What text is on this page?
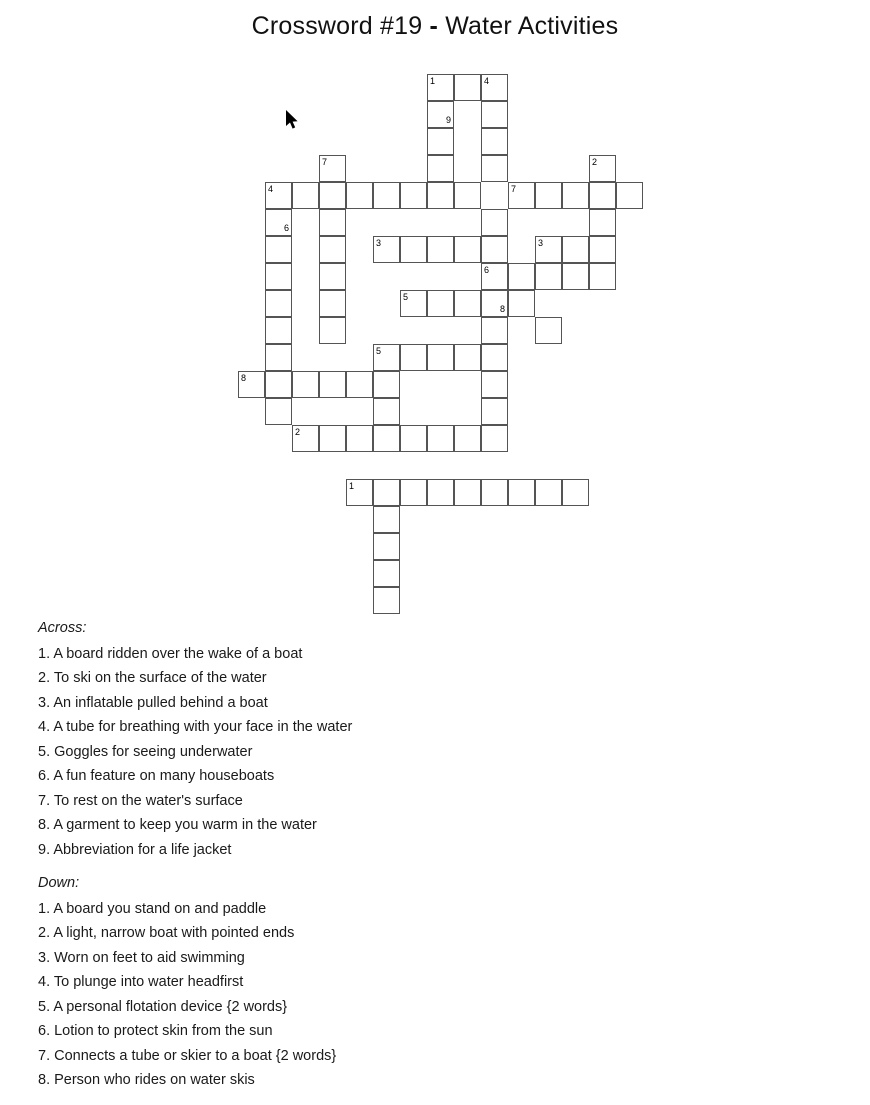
Crossword #19 - Water Activities
1	4
9
7	2
4	7
6
3	3
6
5
8
5
8
2
1
Across:
1. A board ridden over the wake of a boat
2. To ski on the surface of the water
3. An inflatable pulled behind a boat
4. A tube for breathing with your face in the water
5. Goggles for seeing underwater
6. A fun feature on many houseboats
7. To rest on the water's surface
8. A garment to keep you warm in the water
9. Abbreviation for a life jacket
Down:
1. A board you stand on and paddle
2. A light, narrow boat with pointed ends
3. Worn on feet to aid swimming
4. To plunge into water headfirst
5. A personal flotation device {2 words}
6. Lotion to protect skin from the sun
7. Connects a tube or skier to a boat {2 words}
8. Person who rides on water skis
